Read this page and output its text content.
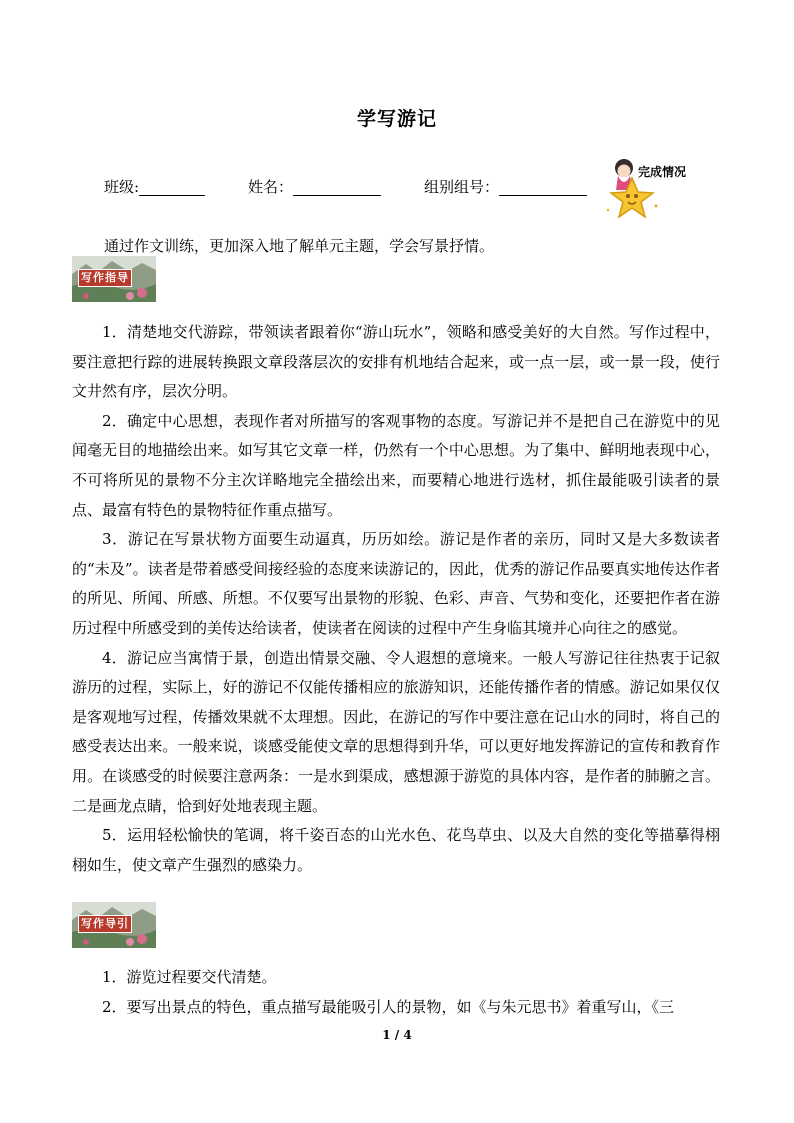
学写游记
班级:	姓名：	组别组号：
完成情况
通过作文训练，更加深入地了解单元主题，学会写景抒情。
写作指导

1．清楚地交代游踪，带领读者跟着你“游山玩水”，领略和感受美好的大自然。写作过程中，要注意把行踪的进展转换跟文章段落层次的安排有机地结合起来，或一点一层，或一景一段，使行文井然有序，层次分明。

2．确定中心思想，表现作者对所描写的客观事物的态度。写游记并不是把自己在游览中的见闻毫无目的地描绘出来。如写其它文章一样，仍然有一个中心思想。为了集中、鲜明地表现中心，不可将所见的景物不分主次详略地完全描绘出来，而要精心地进行选材，抓住最能吸引读者的景点、最富有特色的景物特征作重点描写。

3．游记在写景状物方面要生动逼真，历历如绘。游记是作者的亲历，同时又是大多数读者的“未及”。读者是带着感受间接经验的态度来读游记的，因此，优秀的游记作品要真实地传达作者的所见、所闻、所感、所想。不仅要写出景物的形貌、色彩、声音、气势和变化，还要把作者在游历过程中所感受到的美传达给读者，使读者在阅读的过程中产生身临其境并心向往之的感觉。

4．游记应当寓情于景，创造出情景交融、令人遐想的意境来。一般人写游记往往热衷于记叙游历的过程，实际上，好的游记不仅能传播相应的旅游知识，还能传播作者的情感。游记如果仅仅是客观地写过程，传播效果就不太理想。因此，在游记的写作中要注意在记山水的同时，将自己的感受表达出来。一般来说，谈感受能使文章的思想得到升华，可以更好地发挥游记的宣传和教育作用。在谈感受的时候要注意两条：一是水到渠成，感想源于游览的具体内容，是作者的肺腑之言。二是画龙点睛，恰到好处地表现主题。

5．运用轻松愉快的笔调，将千姿百态的山光水色、花鸟草虫、以及大自然的变化等描摹得栩栩如生，使文章产生强烈的感染力。

写作导引

1．游览过程要交代清楚。

2．要写出景点的特色，重点描写最能吸引人的景物，如《与朱元思书》着重写山，《三

1 / 4
